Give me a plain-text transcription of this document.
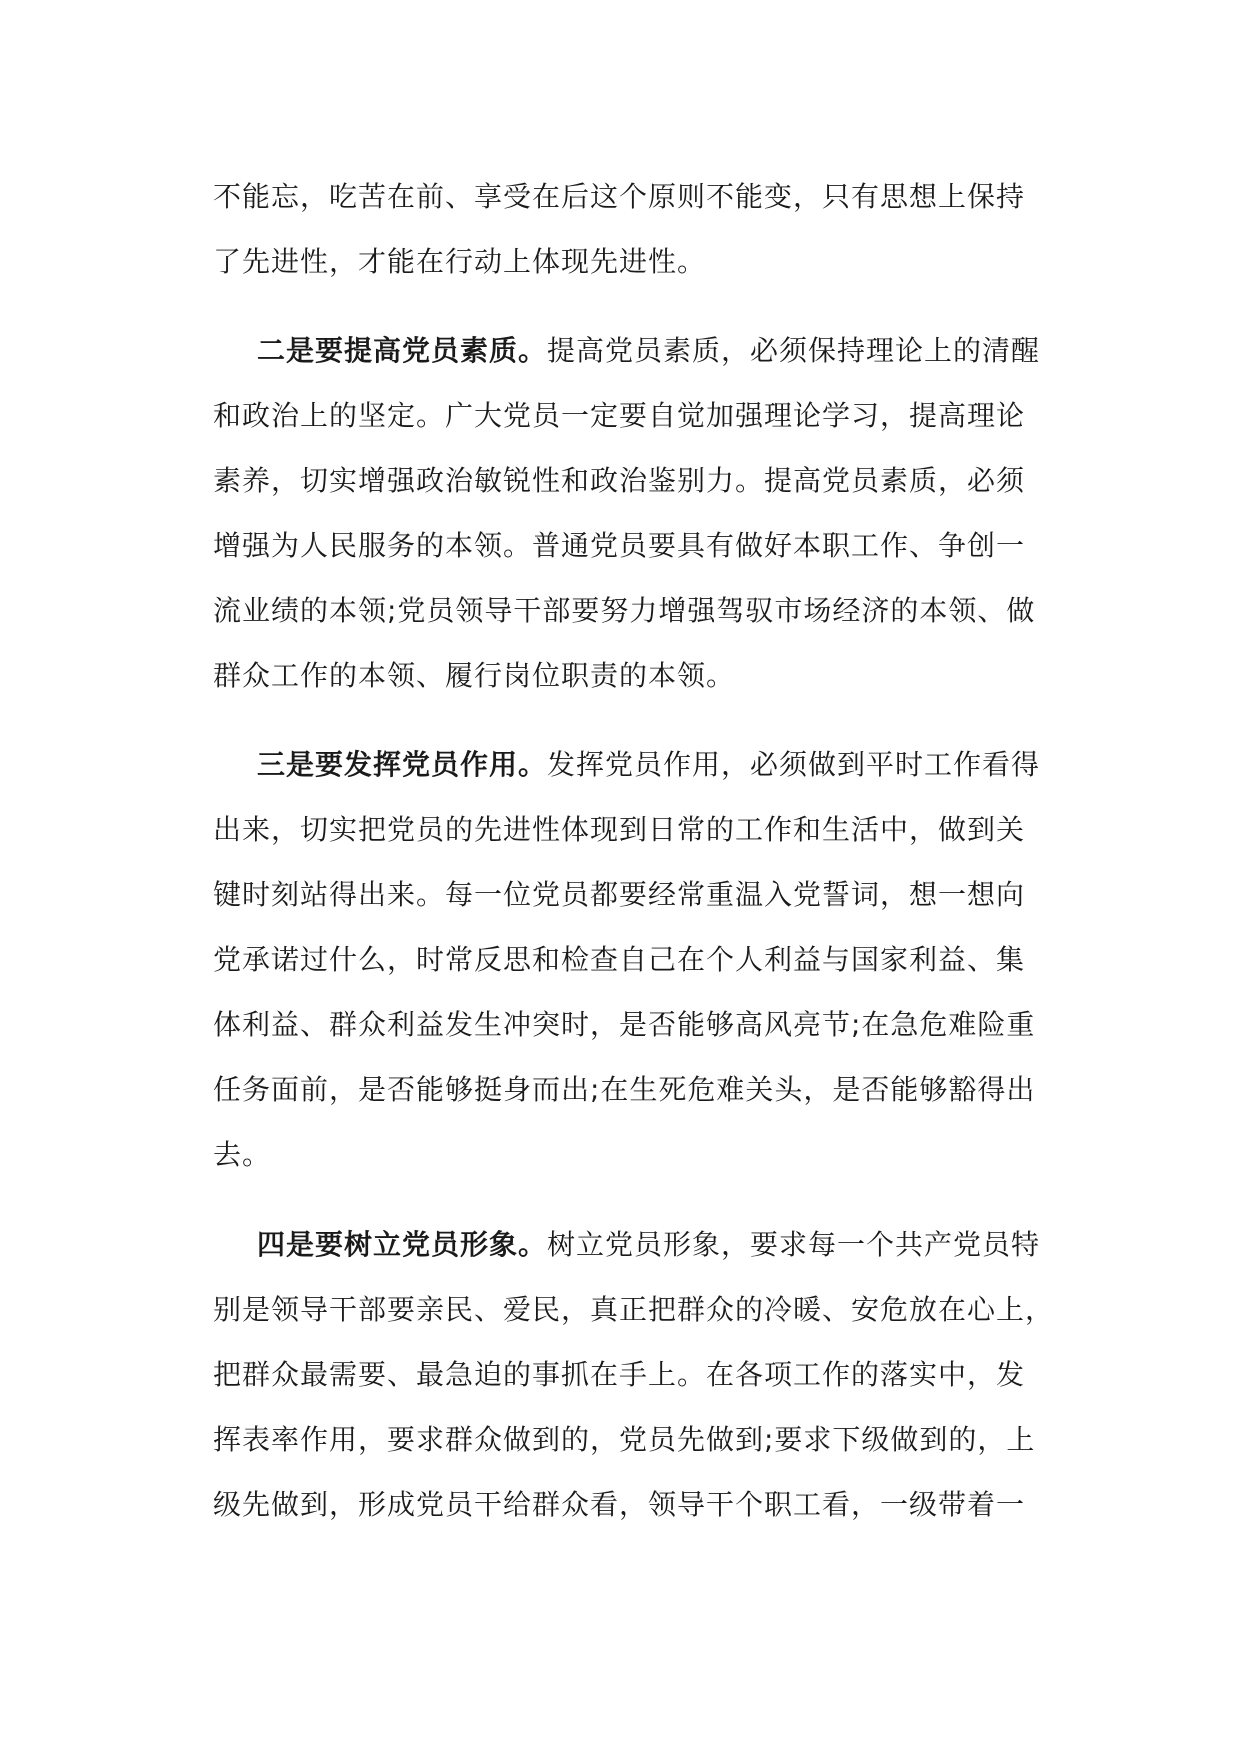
不能忘，吃苦在前、享受在后这个原则不能变，只有思想上保持
了先进性，才能在行动上体现先进性。
二是要提高党员素质。提高党员素质，必须保持理论上的清醒
和政治上的坚定。广大党员一定要自觉加强理论学习，提高理论
素养，切实增强政治敏锐性和政治鉴别力。提高党员素质，必须
增强为人民服务的本领。普通党员要具有做好本职工作、争创一
流业绩的本领;党员领导干部要努力增强驾驭市场经济的本领、做
群众工作的本领、履行岗位职责的本领。
三是要发挥党员作用。发挥党员作用，必须做到平时工作看得
出来，切实把党员的先进性体现到日常的工作和生活中，做到关
键时刻站得出来。每一位党员都要经常重温入党誓词，想一想向
党承诺过什么，时常反思和检查自己在个人利益与国家利益、集
体利益、群众利益发生冲突时，是否能够高风亮节;在急危难险重
任务面前，是否能够挺身而出;在生死危难关头，是否能够豁得出
去。
四是要树立党员形象。树立党员形象，要求每一个共产党员特
别是领导干部要亲民、爱民，真正把群众的冷暖、安危放在心上，
把群众最需要、最急迫的事抓在手上。在各项工作的落实中，发
挥表率作用，要求群众做到的，党员先做到;要求下级做到的，上
级先做到，形成党员干给群众看，领导干个职工看，一级带着一
